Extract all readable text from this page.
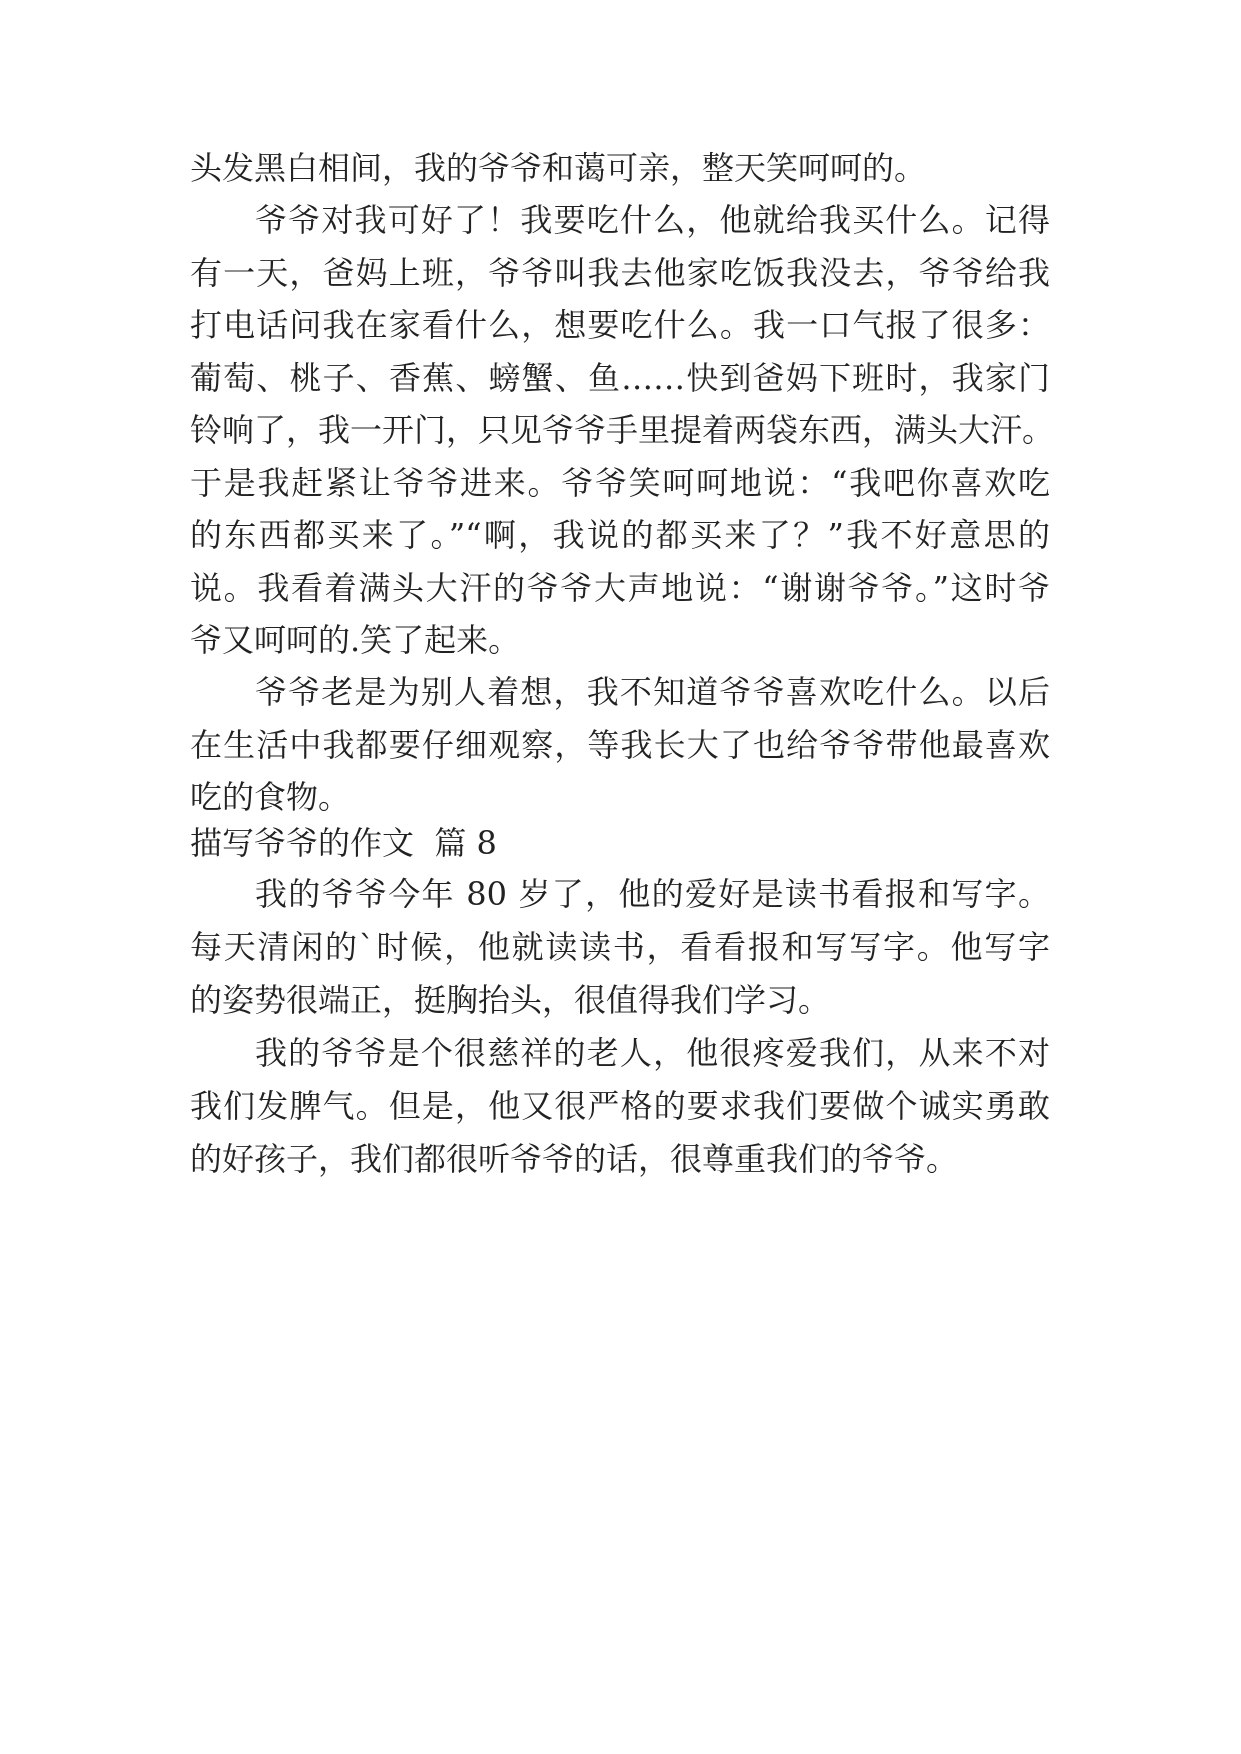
头发黑白相间，我的爷爷和蔼可亲，整天笑呵呵的。
爷爷对我可好了！我要吃什么，他就给我买什么。记得
有一天，爸妈上班，爷爷叫我去他家吃饭我没去，爷爷给我
打电话问我在家看什么，想要吃什么。我一口气报了很多：
葡萄、桃子、香蕉、螃蟹、鱼……快到爸妈下班时，我家门
铃响了，我一开门，只见爷爷手里提着两袋东西，满头大汗。
于是我赶紧让爷爷进来。爷爷笑呵呵地说：“我吧你喜欢吃
的东西都买来了。”“啊，我说的都买来了？”我不好意思的
说。我看着满头大汗的爷爷大声地说：“谢谢爷爷。”这时爷
爷又呵呵的.笑了起来。
爷爷老是为别人着想，我不知道爷爷喜欢吃什么。以后
在生活中我都要仔细观察，等我长大了也给爷爷带他最喜欢
吃的食物。
描写爷爷的作文  篇 8
我的爷爷今年 80 岁了，他的爱好是读书看报和写字。
每天清闲的`时候，他就读读书，看看报和写写字。他写字
的姿势很端正，挺胸抬头，很值得我们学习。
我的爷爷是个很慈祥的老人，他很疼爱我们，从来不对
我们发脾气。但是，他又很严格的要求我们要做个诚实勇敢
的好孩子，我们都很听爷爷的话，很尊重我们的爷爷。
